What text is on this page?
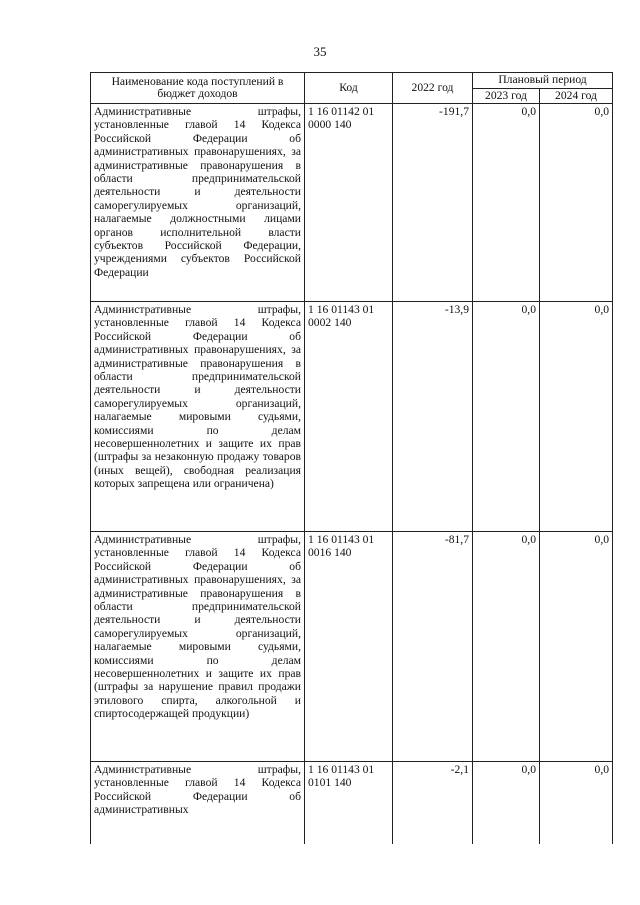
35
Наименование кода поступлений в бюджет доходов	Код	2022 год	Плановый период	
			2023 год	2024 год
Административные штрафы, установленные главой 14 Кодекса Российской Федерации об административных правонарушениях, за административные правонарушения в области предпринимательской деятельности и деятельности саморегулируемых организаций, налагаемые должностными лицами органов исполнительной власти субъектов Российской Федерации, учреждениями субъектов Российской Федерации	1 16 01142 01 0000 140	-191,7	0,0	0,0
Административные штрафы, установленные главой 14 Кодекса Российской Федерации об административных правонарушениях, за административные правонарушения в области предпринимательской деятельности и деятельности саморегулируемых организаций, налагаемые мировыми судьями, комиссиями по делам несовершеннолетних и защите их прав (штрафы за незаконную продажу товаров (иных вещей), свободная реализация которых запрещена или ограничена)	1 16 01143 01 0002 140	-13,9	0,0	0,0
Административные штрафы, установленные главой 14 Кодекса Российской Федерации об административных правонарушениях, за административные правонарушения в области предпринимательской деятельности и деятельности саморегулируемых организаций, налагаемые мировыми судьями, комиссиями по делам несовершеннолетних и защите их прав (штрафы за нарушение правил продажи этилового спирта, алкогольной и спиртосодержащей продукции)	1 16 01143 01 0016 140	-81,7	0,0	0,0
Административные штрафы, установленные главой 14 Кодекса Российской Федерации об административных	1 16 01143 01 0101 140	-2,1	0,0	0,0
